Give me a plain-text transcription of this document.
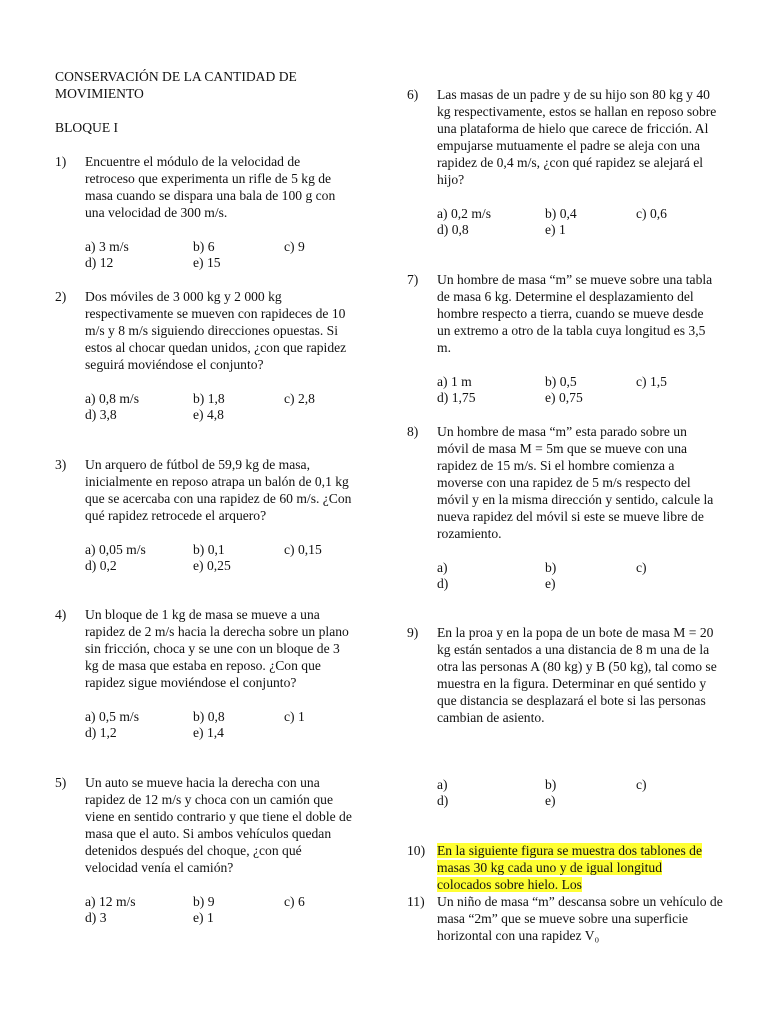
CONSERVACIÓN DE LA CANTIDAD DE MOVIMIENTO
BLOQUE I
1)	Encuentre el módulo de la velocidad de retroceso que experimenta un rifle de 5 kg de masa cuando se dispara una bala de 100 g con una velocidad de 300 m/s.
a) 3 m/s	b) 6	c) 9
d) 12	e) 15
2)	Dos móviles de 3 000 kg y 2 000 kg respectivamente se mueven con rapideces de 10 m/s y 8 m/s siguiendo direcciones opuestas. Si estos al chocar quedan unidos, ¿con que rapidez seguirá moviéndose el conjunto?
a) 0,8 m/s	b) 1,8	c) 2,8
d) 3,8	e) 4,8
3)	Un arquero de fútbol de 59,9 kg de masa, inicialmente en reposo atrapa un balón de 0,1 kg que se acercaba con una rapidez de 60 m/s. ¿Con qué rapidez retrocede el arquero?
a) 0,05 m/s	b) 0,1	c) 0,15
d) 0,2	e) 0,25
4)	Un bloque de 1 kg de masa se mueve a una rapidez de 2 m/s hacia la derecha sobre un plano sin fricción, choca y se une con un bloque de 3 kg de masa que estaba en reposo. ¿Con que rapidez sigue moviéndose el conjunto?
a) 0,5 m/s	b) 0,8	c) 1
d) 1,2	e) 1,4
5)	Un auto se mueve hacia la derecha con una rapidez de 12 m/s y choca con un camión que viene en sentido contrario y que tiene el doble de masa que el auto. Si ambos vehículos quedan detenidos después del choque, ¿con qué velocidad venía el camión?
a) 12 m/s	b) 9	c) 6
d) 3	e) 1
6)	Las masas de un padre y de su hijo son 80 kg y 40 kg respectivamente, estos se hallan en reposo sobre una plataforma de hielo que carece de fricción. Al empujarse mutuamente el padre se aleja con una rapidez de 0,4 m/s, ¿con qué rapidez se alejará el hijo?
a) 0,2 m/s	b) 0,4	c) 0,6
d) 0,8	e) 1
7)	Un hombre de masa “m” se mueve sobre una tabla de masa 6 kg. Determine el desplazamiento del hombre respecto a tierra, cuando se mueve desde un extremo a otro de la tabla cuya longitud es 3,5 m.
a) 1 m	b) 0,5	c) 1,5
d) 1,75	e) 0,75
8)	Un hombre de masa “m” esta parado sobre un móvil de masa M = 5m que se mueve con una rapidez de 15 m/s. Si el hombre comienza a moverse con una rapidez de 5 m/s respecto del móvil y en la misma dirección y sentido, calcule la nueva rapidez del móvil si este se mueve libre de rozamiento.
a)	b)	c)
d)	e)
9)	En la proa y en la popa de un bote de masa M = 20 kg están sentados a una distancia de 8 m una de la otra las personas A (80 kg) y B (50 kg), tal como se muestra en la figura. Determinar en qué sentido y que distancia se desplazará el bote si las personas cambian de asiento.
a)	b)	c)
d)	e)
10) En la siguiente figura se muestra dos tablones de masas 30 kg cada uno y de igual longitud colocados sobre hielo. Los
11) Un niño de masa “m” descansa sobre un vehículo de masa “2m” que se mueve sobre una superficie horizontal con una rapidez V₀
